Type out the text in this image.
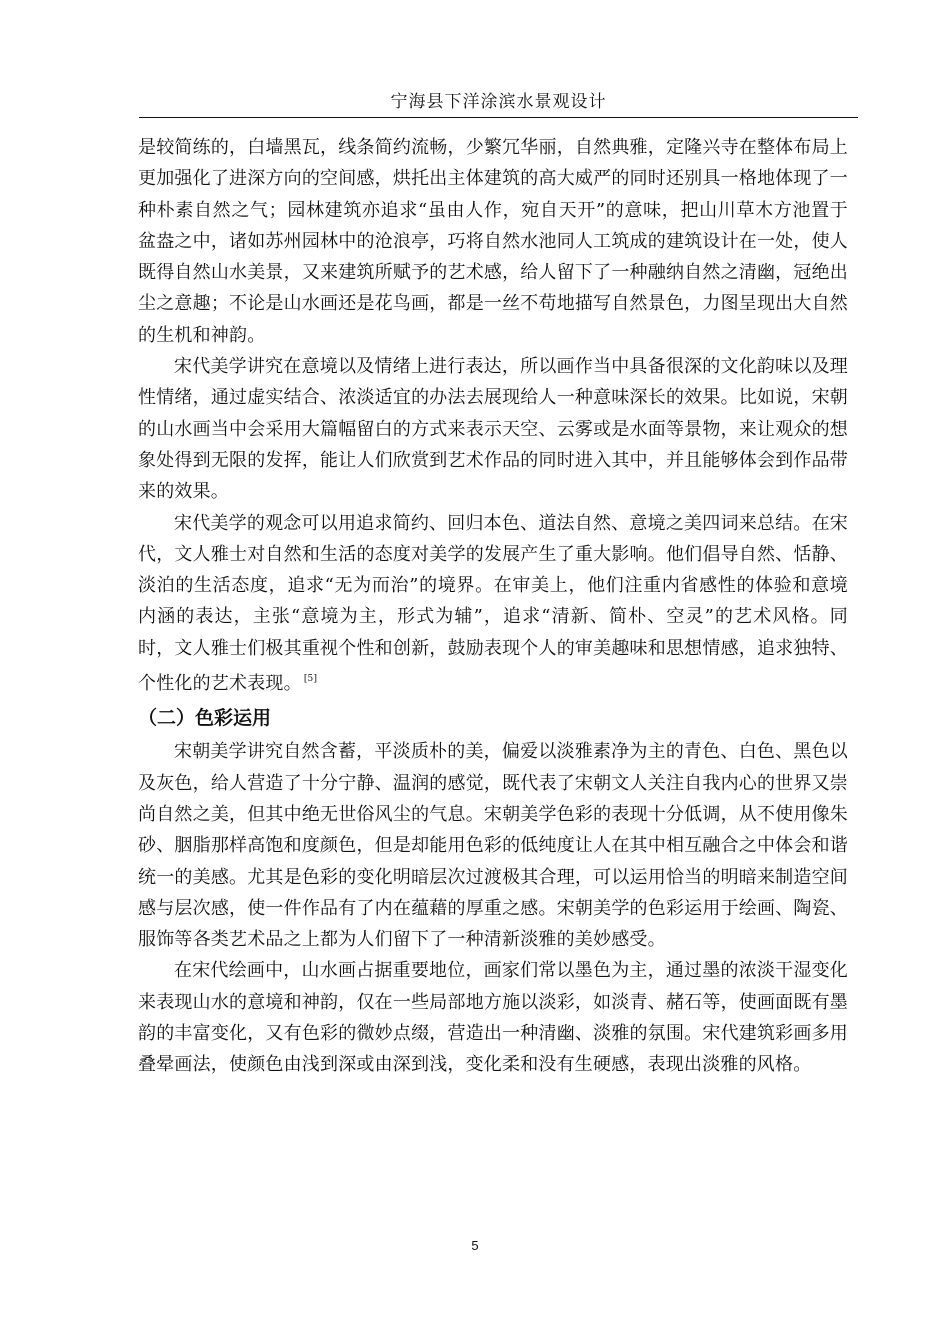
宁海县下洋涂滨水景观设计

是较简练的，白墙黑瓦，线条简约流畅，少繁冗华丽，自然典雅，定隆兴寺在整体布局上更加强化了进深方向的空间感，烘托出主体建筑的高大威严的同时还别具一格地体现了一种朴素自然之气；园林建筑亦追求“虽由人作，宛自天开”的意味，把山川草木方池置于盆盎之中，诸如苏州园林中的沧浪亭，巧将自然水池同人工筑成的建筑设计在一处，使人既得自然山水美景，又来建筑所赋予的艺术感，给人留下了一种融纳自然之清幽，冠绝出尘之意趣；不论是山水画还是花鸟画，都是一丝不苟地描写自然景色，力图呈现出大自然的生机和神韵。

宋代美学讲究在意境以及情绪上进行表达，所以画作当中具备很深的文化韵味以及理性情绪，通过虚实结合、浓淡适宜的办法去展现给人一种意味深长的效果。比如说，宋朝的山水画当中会采用大篇幅留白的方式来表示天空、云雾或是水面等景物，来让观众的想象处得到无限的发挥，能让人们欣赏到艺术作品的同时进入其中，并且能够体会到作品带来的效果。

宋代美学的观念可以用追求简约、回归本色、道法自然、意境之美四词来总结。在宋代，文人雅士对自然和生活的态度对美学的发展产生了重大影响。他们倡导自然、恬静、淡泊的生活态度，追求“无为而治”的境界。在审美上，他们注重内省感性的体验和意境内涵的表达，主张“意境为主，形式为辅”，追求“清新、简朴、空灵”的艺术风格。同时，文人雅士们极其重视个性和创新，鼓励表现个人的审美趣味和思想情感，追求独特、个性化的艺术表现。 [5]

（二）色彩运用

宋朝美学讲究自然含蓄，平淡质朴的美，偏爱以淡雅素净为主的青色、白色、黑色以及灰色，给人营造了十分宁静、温润的感觉，既代表了宋朝文人关注自我内心的世界又崇尚自然之美，但其中绝无世俗风尘的气息。宋朝美学色彩的表现十分低调，从不使用像朱砂、胭脂那样高饱和度颜色，但是却能用色彩的低纯度让人在其中相互融合之中体会和谐统一的美感。尤其是色彩的变化明暗层次过渡极其合理，可以运用恰当的明暗来制造空间感与层次感，使一件作品有了内在蕴藉的厚重之感。宋朝美学的色彩运用于绘画、陶瓷、服饰等各类艺术品之上都为人们留下了一种清新淡雅的美妙感受。

在宋代绘画中，山水画占据重要地位，画家们常以墨色为主，通过墨的浓淡干湿变化来表现山水的意境和神韵，仅在一些局部地方施以淡彩，如淡青、赭石等，使画面既有墨韵的丰富变化，又有色彩的微妙点缀，营造出一种清幽、淡雅的氛围。宋代建筑彩画多用叠晕画法，使颜色由浅到深或由深到浅，变化柔和没有生硬感，表现出淡雅的风格。

5
